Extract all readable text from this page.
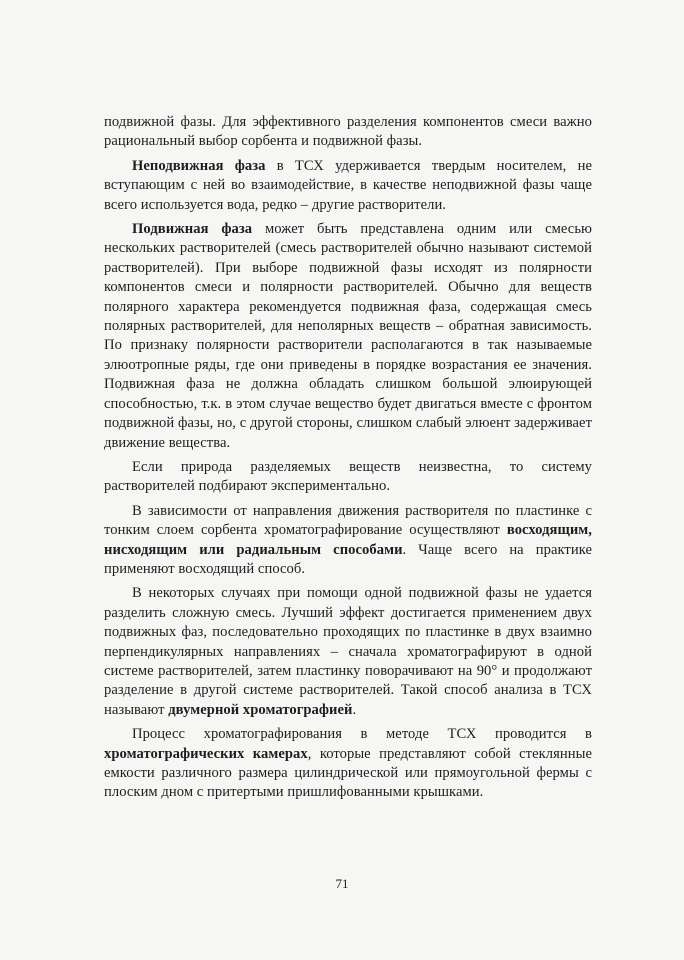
подвижной фазы. Для эффективного разделения компонентов смеси важно рациональный выбор сорбента и подвижной фазы.

Неподвижная фаза в ТСХ удерживается твердым носителем, не вступающим с ней во взаимодействие, в качестве неподвижной фазы чаще всего используется вода, редко – другие растворители.

Подвижная фаза может быть представлена одним или смесью нескольких растворителей (смесь растворителей обычно называют системой растворителей). При выборе подвижной фазы исходят из полярности компонентов смеси и полярности растворителей. Обычно для веществ полярного характера рекомендуется подвижная фаза, содержащая смесь полярных растворителей, для неполярных веществ – обратная зависимость. По признаку полярности растворители располагаются в так называемые элюотропные ряды, где они приведены в порядке возрастания ее значения. Подвижная фаза не должна обладать слишком большой элюирующей способностью, т.к. в этом случае вещество будет двигаться вместе с фронтом подвижной фазы, но, с другой стороны, слишком слабый элюент задерживает движение вещества.

Если природа разделяемых веществ неизвестна, то систему растворителей подбирают экспериментально.

В зависимости от направления движения растворителя по пластинке с тонким слоем сорбента хроматографирование осуществляют восходящим, нисходящим или радиальным способами. Чаще всего на практике применяют восходящий способ.

В некоторых случаях при помощи одной подвижной фазы не удается разделить сложную смесь. Лучший эффект достигается применением двух подвижных фаз, последовательно проходящих по пластинке в двух взаимно перпендикулярных направлениях – сначала хроматографируют в одной системе растворителей, затем пластинку поворачивают на 90° и продолжают разделение в другой системе растворителей. Такой способ анализа в ТСХ называют двумерной хроматографией.

Процесс хроматографирования в методе ТСХ проводится в хроматографических камерах, которые представляют собой стеклянные емкости различного размера цилиндрической или прямоугольной фермы с плоским дном с притертыми пришлифованными крышками.

71
